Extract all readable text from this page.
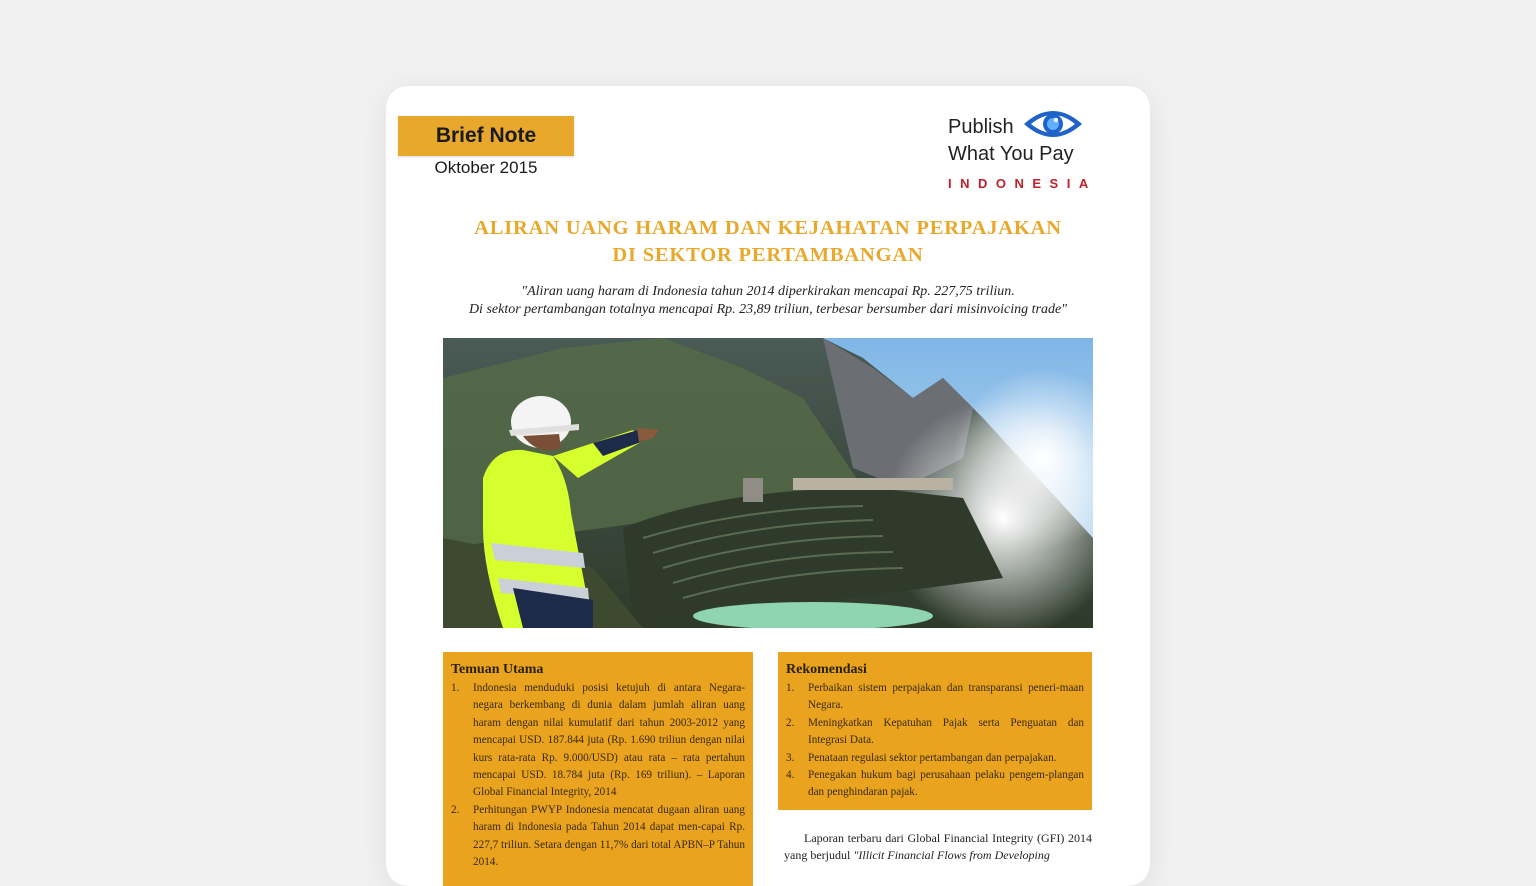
Brief Note
Oktober 2015
Publish
What You Pay
INDONESIA
ALIRAN UANG HARAM DAN KEJAHATAN PERPAJAKAN
DI SEKTOR PERTAMBANGAN
"Aliran uang haram di Indonesia tahun 2014 diperkirakan mencapai Rp. 227,75 triliun.
Di sektor pertambangan totalnya mencapai Rp. 23,89 triliun, terbesar bersumber dari misinvoicing trade"
Temuan Utama
1. Indonesia menduduki posisi ketujuh di antara Negara-negara berkembang di dunia dalam jumlah aliran uang haram dengan nilai kumulatif dari tahun 2003-2012 yang mencapai USD. 187.844 juta (Rp. 1.690 triliun dengan nilai kurs rata-rata Rp. 9.000/USD) atau rata – rata pertahun mencapai USD. 18.784 juta (Rp. 169 triliun). – Laporan Global Financial Integrity, 2014
2. Perhitungan PWYP Indonesia mencatat dugaan aliran uang haram di Indonesia pada Tahun 2014 dapat men-capai Rp. 227,7 triliun. Setara dengan 11,7% dari total APBN–P Tahun 2014.
Rekomendasi
1. Perbaikan sistem perpajakan dan transparansi peneri-maan Negara.
2. Meningkatkan Kepatuhan Pajak serta Penguatan dan Integrasi Data.
3. Penataan regulasi sektor pertambangan dan perpajakan.
4. Penegakan hukum bagi perusahaan pelaku pengem-plangan dan penghindaran pajak.
Laporan terbaru dari Global Financial Integrity (GFI) 2014 yang berjudul "Illicit Financial Flows from Developing
